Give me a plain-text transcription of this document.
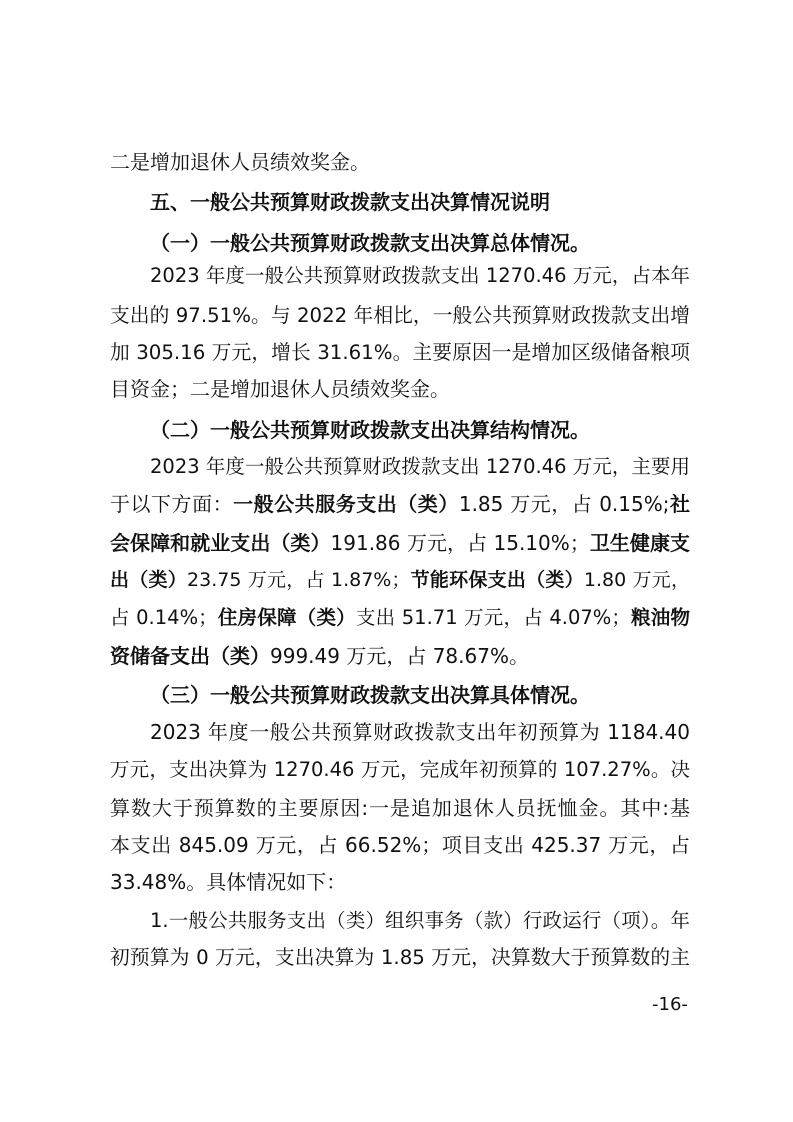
二是增加退休人员绩效奖金。
五、一般公共预算财政拨款支出决算情况说明
（一）一般公共预算财政拨款支出决算总体情况。
2023 年度一般公共预算财政拨款支出 1270.46 万元，占本年
支出的 97.51%。与 2022 年相比，一般公共预算财政拨款支出增
加 305.16 万元，增长 31.61%。主要原因一是增加区级储备粮项
目资金；二是增加退休人员绩效奖金。
（二）一般公共预算财政拨款支出决算结构情况。
2023 年度一般公共预算财政拨款支出 1270.46 万元，主要用
于以下方面：一般公共服务支出（类）1.85 万元，占 0.15%;社
会保障和就业支出（类）191.86 万元，占 15.10%；卫生健康支
出（类）23.75 万元，占 1.87%；节能环保支出（类）1.80 万元，
占 0.14%；住房保障（类）支出 51.71 万元，占 4.07%；粮油物
资储备支出（类）999.49 万元，占 78.67%。
（三）一般公共预算财政拨款支出决算具体情况。
2023 年度一般公共预算财政拨款支出年初预算为 1184.40
万元，支出决算为 1270.46 万元，完成年初预算的 107.27%。决
算数大于预算数的主要原因:一是追加退休人员抚恤金。其中:基
本支出 845.09 万元，占 66.52%；项目支出 425.37 万元，占
33.48%。具体情况如下：
1.一般公共服务支出（类）组织事务（款）行政运行（项）。年
初预算为 0 万元，支出决算为 1.85 万元，决算数大于预算数的主
-16-
